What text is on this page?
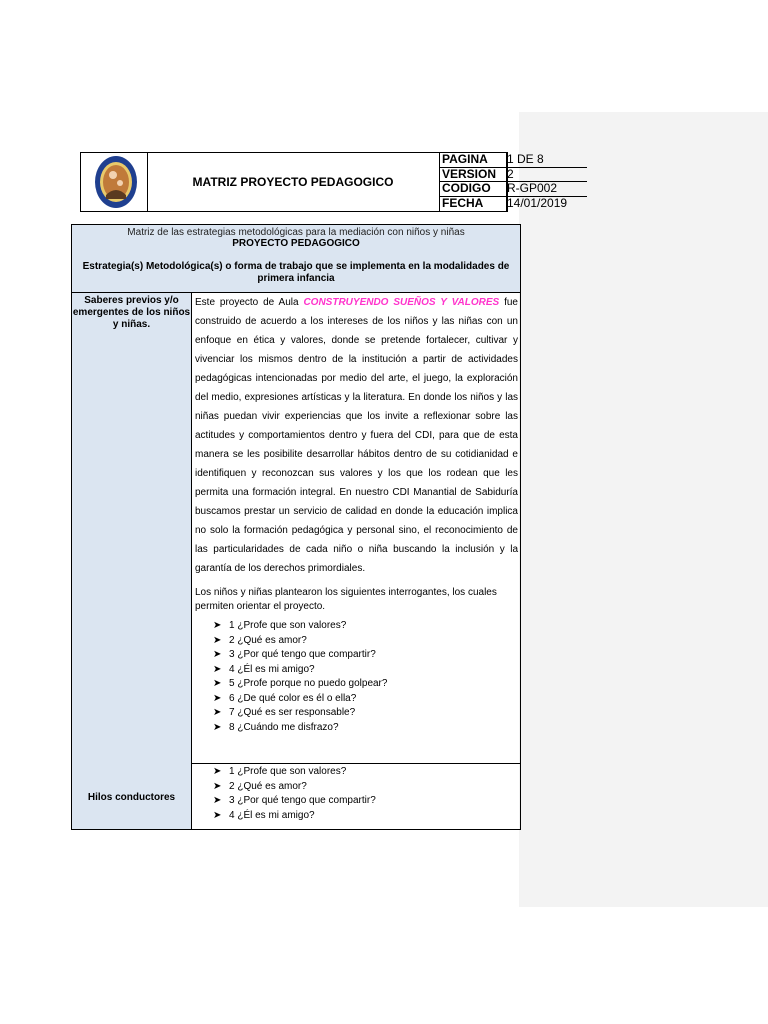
MATRIZ PROYECTO PEDAGOGICO
PAGINA	1 DE 8
VERSION 2
CODIGO	R-GP002
FECHA	14/01/2019
Matriz de las estrategias metodológicas para la mediación con niños y niñas
PROYECTO PEDAGOGICO
Estrategia(s) Metodológica(s) o forma de trabajo que se implementa en la modalidades de primera infancia
Saberes previos y/o emergentes de los niños y niñas.

Este proyecto de Aula CONSTRUYENDO SUEÑOS Y VALORES fue construido de acuerdo a los intereses de los niños y las niñas con un enfoque en ética y valores, donde se pretende fortalecer, cultivar y vivenciar los mismos dentro de la institución a partir de actividades pedagógicas intencionadas por medio del arte, el juego, la exploración del medio, expresiones artísticas y la literatura. En donde los niños y las niñas puedan vivir experiencias que los invite a reflexionar sobre las actitudes y comportamientos dentro y fuera del CDI, para que de esta manera se les posibilite desarrollar hábitos dentro de su cotidianidad e identifiquen y reconozcan sus valores y los que los rodean que les permita una formación integral. En nuestro CDI Manantial de Sabiduría buscamos prestar un servicio de calidad en donde la educación implica no solo la formación pedagógica y personal sino, el reconocimiento de las particularidades de cada niño o niña buscando la inclusión y la garantía de los derechos primordiales.

Los niños y niñas plantearon los siguientes interrogantes, los cuales permiten orientar el proyecto.

➤ 1 ¿Profe que son valores?
➤ 2 ¿Qué es amor?
➤ 3 ¿Por qué tengo que compartir?
➤ 4 ¿Él es mi amigo?
➤ 5 ¿Profe porque no puedo golpear?
➤ 6 ¿De qué color es él o ella?
➤ 7 ¿Qué es ser responsable?
➤ 8 ¿Cuándo me disfrazo?
Hilos conductores
➤ 1 ¿Profe que son valores?
➤ 2 ¿Qué es amor?
➤ 3 ¿Por qué tengo que compartir?
➤ 4 ¿Él es mi amigo?
